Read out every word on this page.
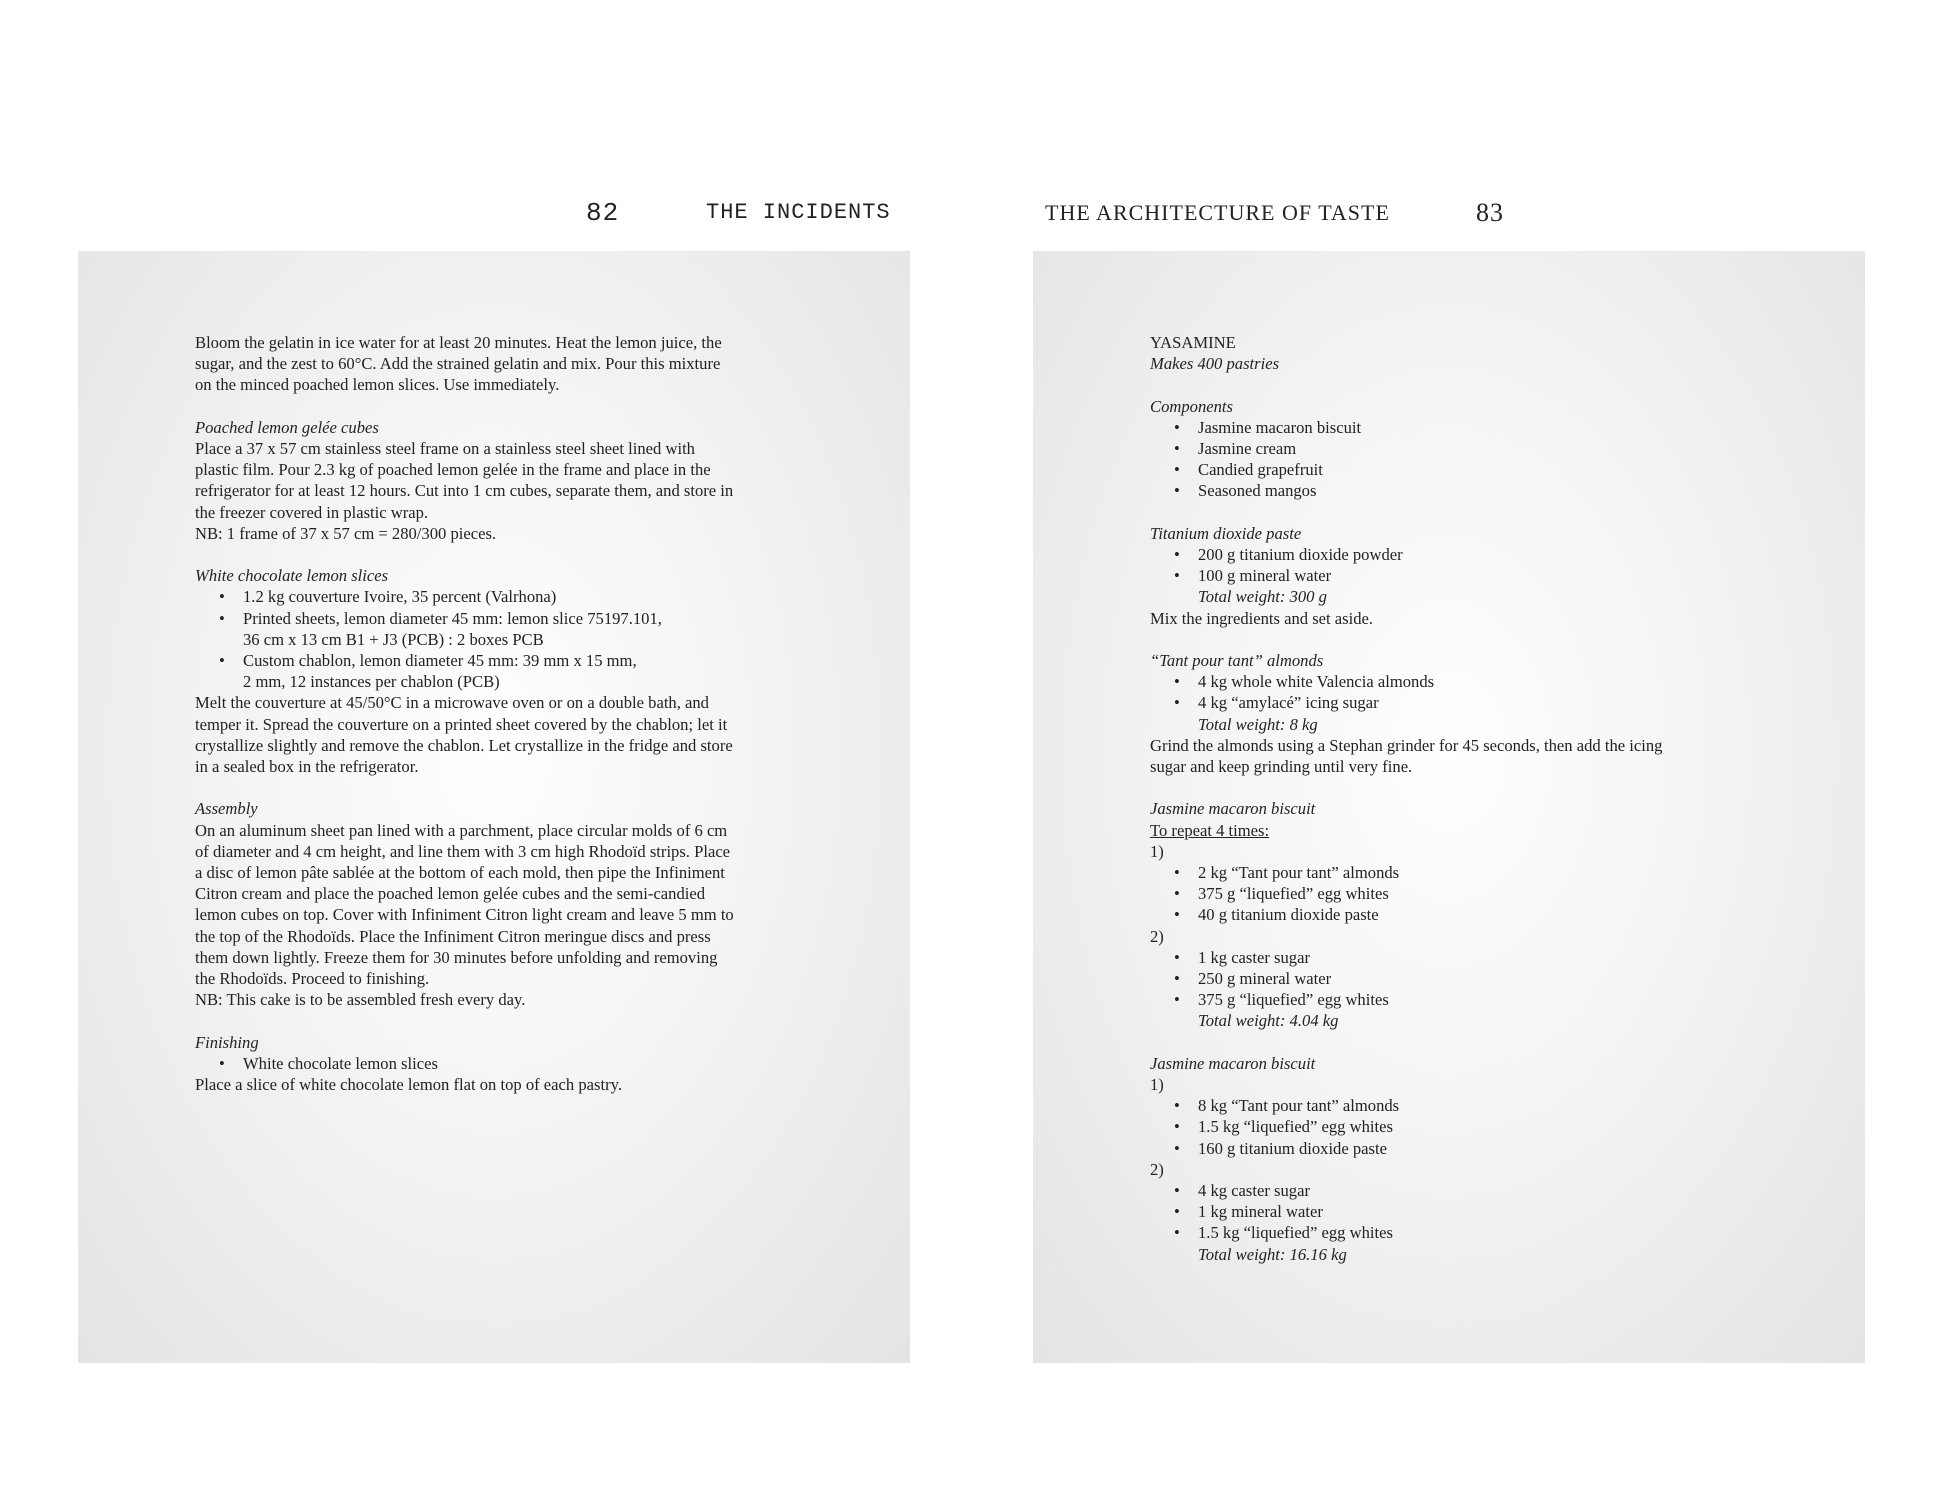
82	THE INCIDENTS	THE ARCHITECTURE OF TASTE	83

Bloom the gelatin in ice water for at least 20 minutes. Heat the lemon juice, the

sugar, and the zest to 60°C. Add the strained gelatin and mix. Pour this mixture

on the minced poached lemon slices. Use immediately.

Poached lemon gelée cubes

Place a 37 x 57 cm stainless steel frame on a stainless steel sheet lined with

plastic film. Pour 2.3 kg of poached lemon gelée in the frame and place in the

refrigerator for at least 12 hours. Cut into 1 cm cubes, separate them, and store in

the freezer covered in plastic wrap.

NB: 1 frame of 37 x 57 cm = 280/300 pieces.

White chocolate lemon slices

• 1.2 kg couverture Ivoire, 35 percent (Valrhona)
• Printed sheets, lemon diameter 45 mm: lemon slice 75197.101,

36 cm x 13 cm B1 + J3 (PCB) : 2 boxes PCB

• Custom chablon, lemon diameter 45 mm: 39 mm x 15 mm,

2 mm, 12 instances per chablon (PCB)

Melt the couverture at 45/50°C in a microwave oven or on a double bath, and

temper it. Spread the couverture on a printed sheet covered by the chablon; let it

crystallize slightly and remove the chablon. Let crystallize in the fridge and store

in a sealed box in the refrigerator.

Assembly

On an aluminum sheet pan lined with a parchment, place circular molds of 6 cm

of diameter and 4 cm height, and line them with 3 cm high Rhodoïd strips. Place

a disc of lemon pâte sablée at the bottom of each mold, then pipe the Infiniment

Citron cream and place the poached lemon gelée cubes and the semi-candied

lemon cubes on top. Cover with Infiniment Citron light cream and leave 5 mm to

the top of the Rhodoïds. Place the Infiniment Citron meringue discs and press

them down lightly. Freeze them for 30 minutes before unfolding and removing

the Rhodoïds. Proceed to finishing.

NB: This cake is to be assembled fresh every day.

Finishing

• White chocolate lemon slices

Place a slice of white chocolate lemon flat on top of each pastry.

YASAMINE

Makes 400 pastries

Components

• Jasmine macaron biscuit
• Jasmine cream
• Candied grapefruit
• Seasoned mangos

Titanium dioxide paste

• 200 g titanium dioxide powder
• 100 g mineral water

Total weight: 300 g

Mix the ingredients and set aside.

“Tant pour tant” almonds

• 4 kg whole white Valencia almonds
• 4 kg “amylacé” icing sugar

Total weight: 8 kg

Grind the almonds using a Stephan grinder for 45 seconds, then add the icing

sugar and keep grinding until very fine.

Jasmine macaron biscuit

To repeat 4 times:

1)

• 2 kg “Tant pour tant” almonds
• 375 g “liquefied” egg whites
• 40 g titanium dioxide paste

2)

• 1 kg caster sugar
• 250 g mineral water
• 375 g “liquefied” egg whites

Total weight: 4.04 kg

Jasmine macaron biscuit

1)

• 8 kg “Tant pour tant” almonds
• 1.5 kg “liquefied” egg whites
• 160 g titanium dioxide paste

2)

• 4 kg caster sugar
• 1 kg mineral water
• 1.5 kg “liquefied” egg whites

Total weight: 16.16 kg
